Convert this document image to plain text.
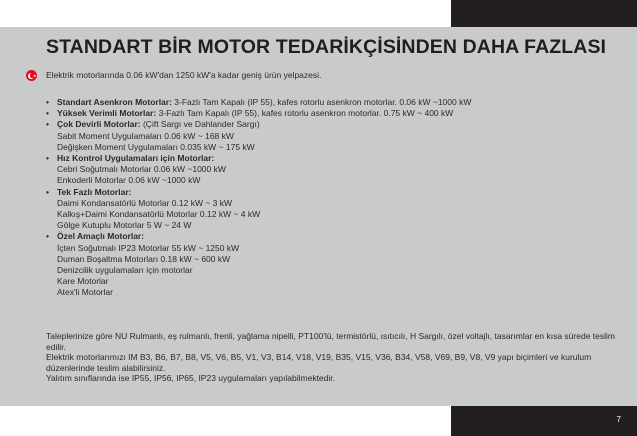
STANDART BİR MOTOR TEDARİKÇİSİNDEN DAHA FAZLASI
★ Elektrik motorlarında 0.06 kW'dan 1250 kW'a kadar geniş ürün yelpazesi.
• Standart Asenkron Motorlar: 3-Fazlı Tam Kapalı (IP 55), kafes rotorlu asenkron motorlar. 0.06 kW ~1000 kW
• Yüksek Verimli Motorlar: 3-Fazlı Tam Kapalı (IP 55), kafes rotorlu asenkron motorlar. 0.75 kW ~ 400 kW
• Çok Devirli Motorlar: (Çift Sargı ve Dahlander Sargı)
Sabit Moment Uygulamaları 0.06 kW ~ 168 kW
Değişken Moment Uygulamaları 0.035 kW ~ 175 kW
• Hız Kontrol Uygulamaları için Motorlar:
Cebri Soğutmalı Motorlar 0.06 kW ~1000 kW
Enkoderli Motorlar 0.06 kW ~1000 kW
• Tek Fazlı Motorlar:
Daimi Kondansatörlü Motorlar 0.12 kW ~ 3 kW
Kalkış+Daimi Kondansatörlü Motorlar 0.12 kW ~ 4 kW
Gölge Kutuplu Motorlar 5 W ~ 24 W
• Özel Amaçlı Motorlar:
İçten Soğutmalı IP23 Motorlar 55 kW ~ 1250 kW
Duman Boşaltma Motorları 0.18 kW ~ 600 kW
Denizcilik uygulamaları için motorlar
Kare Motorlar
Atex'li Motorlar

Taleplerinize göre NU Rulmanlı, eş rulmanlı, frenli, yağlama nipelli, PT100'lü, termistörlü, ısıtıcılı, H Sargılı, özel voltajlı, tasarımlar en kısa sürede teslim edilir.

Elektrik motorlarımızı IM B3, B6, B7, B8, V5, V6, B5, V1, V3, B14, V18, V19, B35, V15, V36, B34, V58, V69, B9, V8, V9 yapı biçimleri ve kurulum düzenlerinde teslim alabilirsiniz.

Yalıtım sınıflarında ise IP55, IP56, IP65, IP23 uygulamaları yapılabilmektedir.

7
